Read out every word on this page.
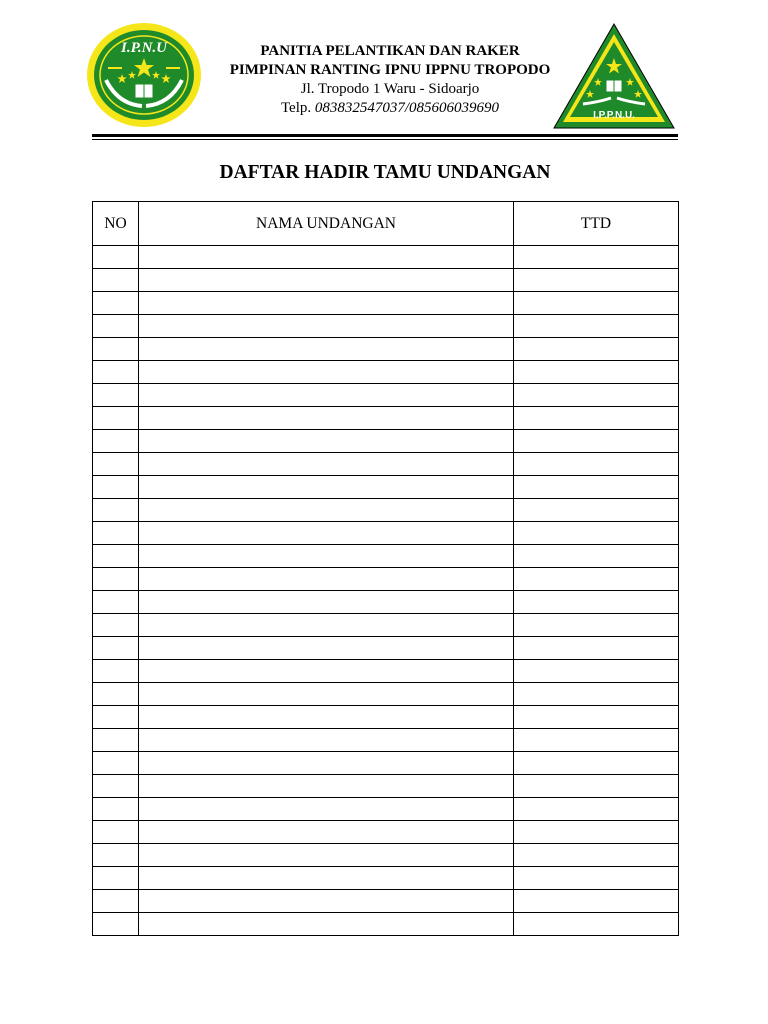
I.P.N.U	PANITIA PELANTIKAN DAN RAKER
PIMPINAN RANTING IPNU IPPNU TROPODO
Jl. Tropodo 1 Waru - Sidoarjo
Telp. 083832547037/085606039690	I.P.P.N.U.
DAFTAR HADIR TAMU UNDANGAN
NO	NAMA UNDANGAN	TTD
